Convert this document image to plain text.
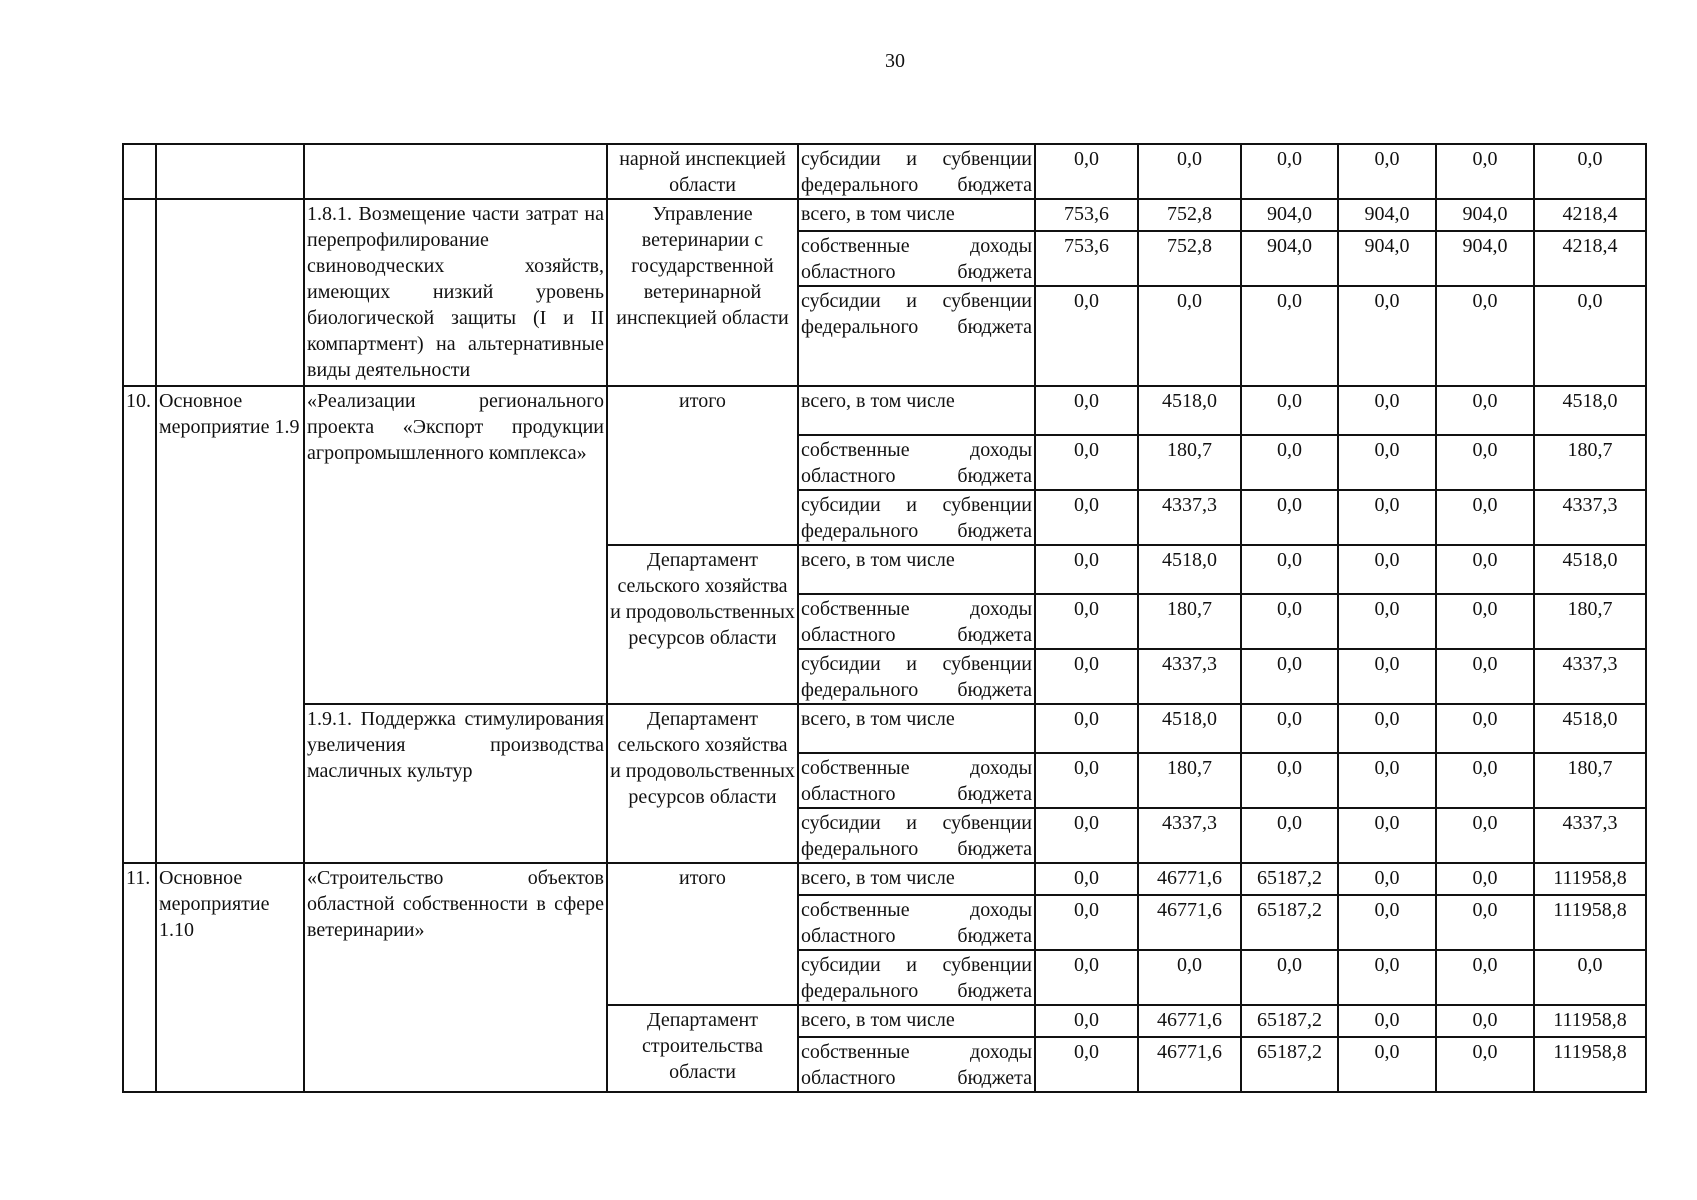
30
			нарной инспекцией области	субсидии и субвенции федерального бюджета	0,0	0,0	0,0	0,0	0,0	0,0
		1.8.1. Возмещение части затрат на перепрофилирование свиноводческих хозяйств, имеющих низкий уровень биологической защиты (I и II компартмент) на альтернативные виды деятельности	Управление ветеринарии с государственной ветеринарной инспекцией области	всего, в том числе	753,6	752,8	904,0	904,0	904,0	4218,4
				собственные доходы областного бюджета	753,6	752,8	904,0	904,0	904,0	4218,4
				субсидии и субвенции федерального бюджета	0,0	0,0	0,0	0,0	0,0	0,0
10.	Основное мероприятие 1.9	«Реализации регионального проекта «Экспорт продукции агропромышленного комплекса»	итого	всего, в том числе	0,0	4518,0	0,0	0,0	0,0	4518,0
				собственные доходы областного бюджета	0,0	180,7	0,0	0,0	0,0	180,7
				субсидии и субвенции федерального бюджета	0,0	4337,3	0,0	0,0	0,0	4337,3
			Департамент сельского хозяйства и продовольственных ресурсов области	всего, в том числе	0,0	4518,0	0,0	0,0	0,0	4518,0
				собственные доходы областного бюджета	0,0	180,7	0,0	0,0	0,0	180,7
				субсидии и субвенции федерального бюджета	0,0	4337,3	0,0	0,0	0,0	4337,3
		1.9.1. Поддержка стимулирования увеличения производства масличных культур	Департамент сельского хозяйства и продовольственных ресурсов области	всего, в том числе	0,0	4518,0	0,0	0,0	0,0	4518,0
				собственные доходы областного бюджета	0,0	180,7	0,0	0,0	0,0	180,7
				субсидии и субвенции федерального бюджета	0,0	4337,3	0,0	0,0	0,0	4337,3
11.	Основное мероприятие 1.10	«Строительство объектов областной собственности в сфере ветеринарии»	итого	всего, в том числе	0,0	46771,6	65187,2	0,0	0,0	111958,8
				собственные доходы областного бюджета	0,0	46771,6	65187,2	0,0	0,0	111958,8
				субсидии и субвенции федерального бюджета	0,0	0,0	0,0	0,0	0,0	0,0
			Департамент строительства области	всего, в том числе	0,0	46771,6	65187,2	0,0	0,0	111958,8
				собственные доходы областного бюджета	0,0	46771,6	65187,2	0,0	0,0	111958,8
